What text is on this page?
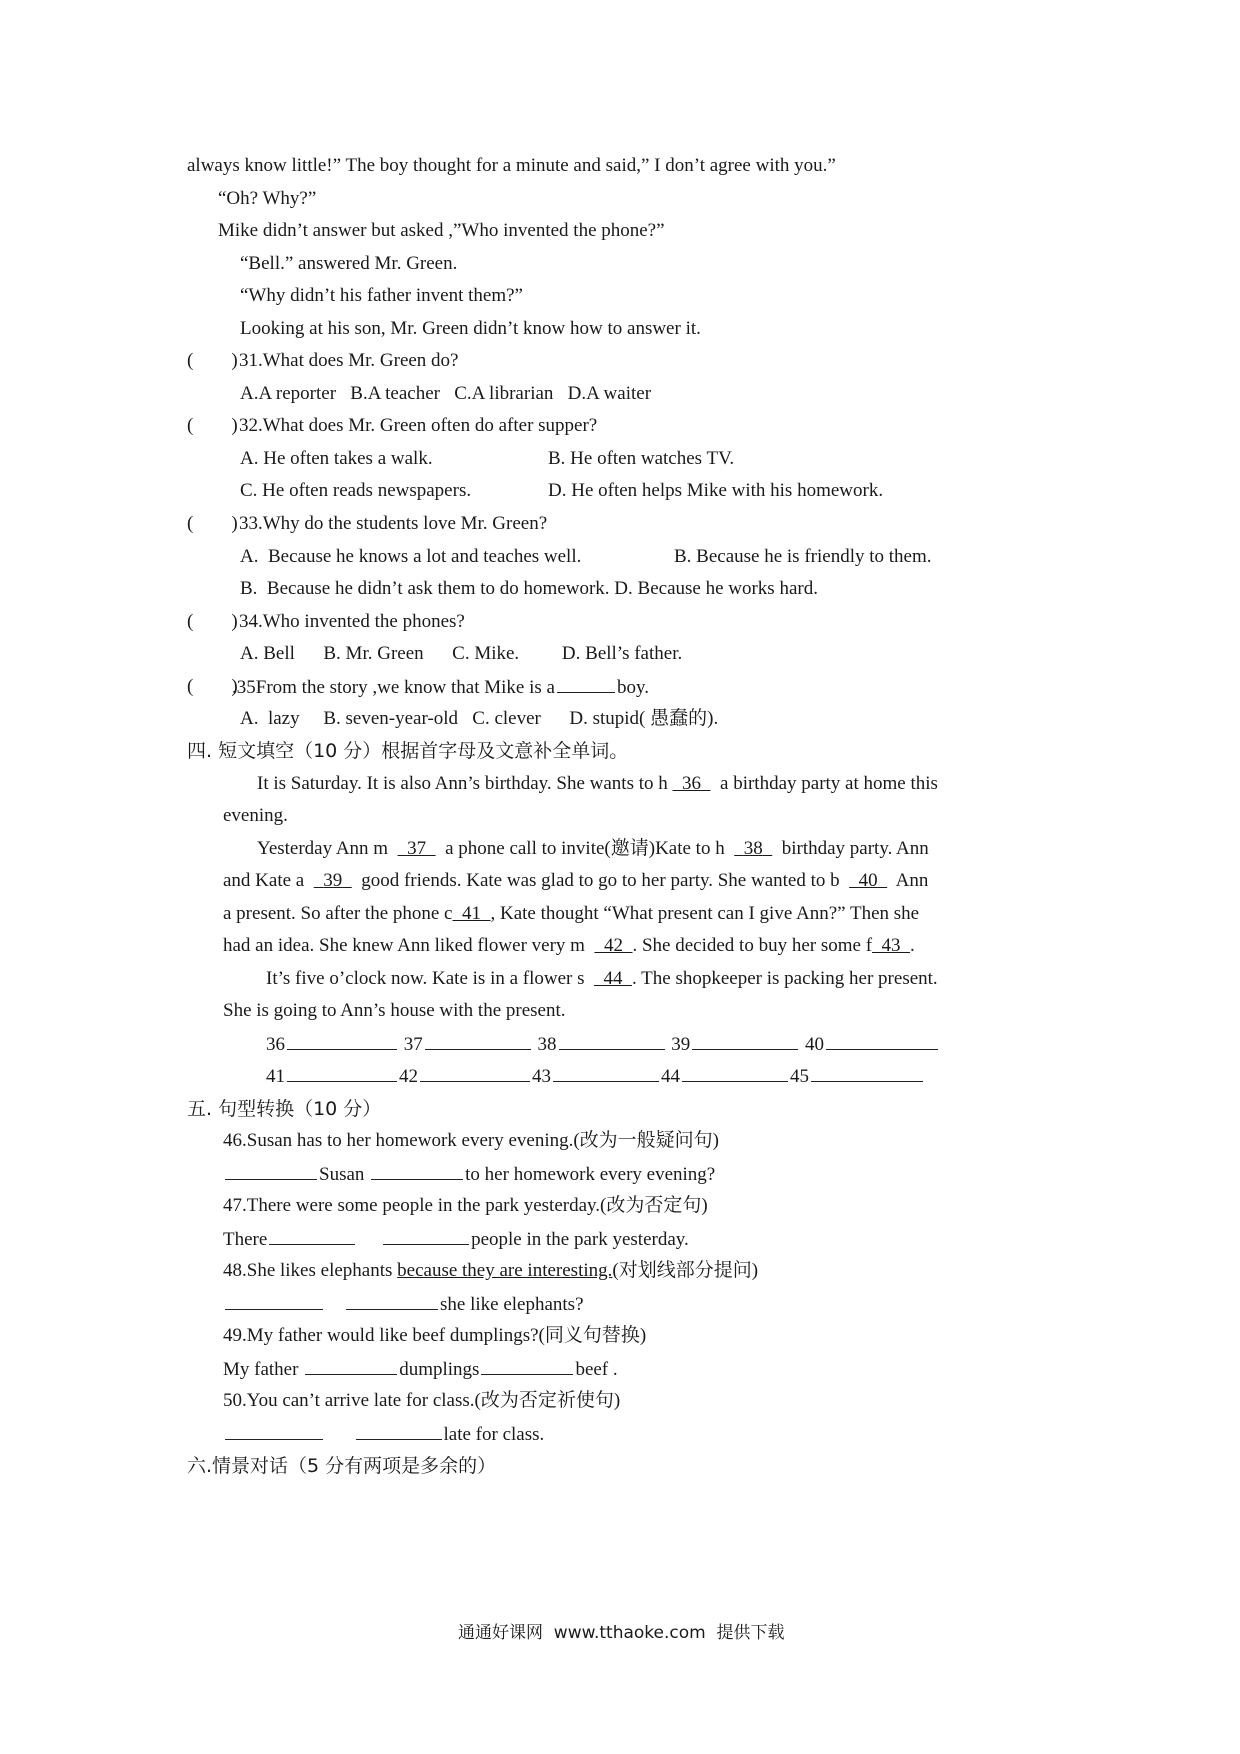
always know little!” The boy thought for a minute and said,” I don’t agree with you.”
“Oh? Why?”
Mike didn’t answer but asked ,”Who invented the phone?”
“Bell.” answered Mr. Green.
“Why didn’t his father invent them?”
Looking at his son, Mr. Green didn’t know how to answer it.
(        ) 31.What does Mr. Green do?
A.A reporter   B.A teacher   C.A librarian   D.A waiter
(        ) 32.What does Mr. Green often do after supper?
A. He often takes a walk.	B. He often watches TV.
C. He often reads newspapers.	D. He often helps Mike with his homework.
(        ) 33.Why do the students love Mr. Green?
A.  Because he knows a lot and teaches well.	B. Because he is friendly to them.
B.  Because he didn’t ask them to do homework. D. Because he works hard.
(        ) 34.Who invented the phones?
A. Bell      B. Mr. Green      C. Mike.         D. Bell’s father.
(        )
.35From the story ,we know that Mike is a	boy.
A.  lazy     B. seven-year-old   C. clever      D. stupid( 愚蠢的).
四. 短文填空（10 分）根据首字母及文意补全单词。
It is Saturday. It is also Ann’s birthday. She wants to h   36    a birthday party at home this
evening.
Yesterday Ann m    37    a phone call to invite(邀请)Kate to h    38    birthday party. Ann
and Kate a    39    good friends. Kate was glad to go to her party. She wanted to b    40    Ann
a present. So after the phone c 41 , Kate thought “What present can I give Ann?” Then she
had an idea. She knew Ann liked flower very m    42 . She decided to buy her some f 43 .
It’s five o’clock now. Kate is in a flower s    44 . The shopkeeper is packing her present.
She is going to Ann’s house with the present.
36	37	38	39	40
41	42	43	44	45
五. 句型转换（10 分）
46.Susan has to her homework every evening.(改为一般疑问句)
Susan	to her homework every evening?
47.There were some people in the park yesterday.(改为否定句)
There	people in the park yesterday.
48.She likes elephants because they are interesting.(对划线部分提问)
she like elephants?
49.My father would like beef dumplings?(同义句替换)
My father	dumplings	beef .
50.You can’t arrive late for class.(改为否定祈使句)
late for class.
六.情景对话（5 分有两项是多余的）
通通好课网  www.tthaoke.com  提供下载
